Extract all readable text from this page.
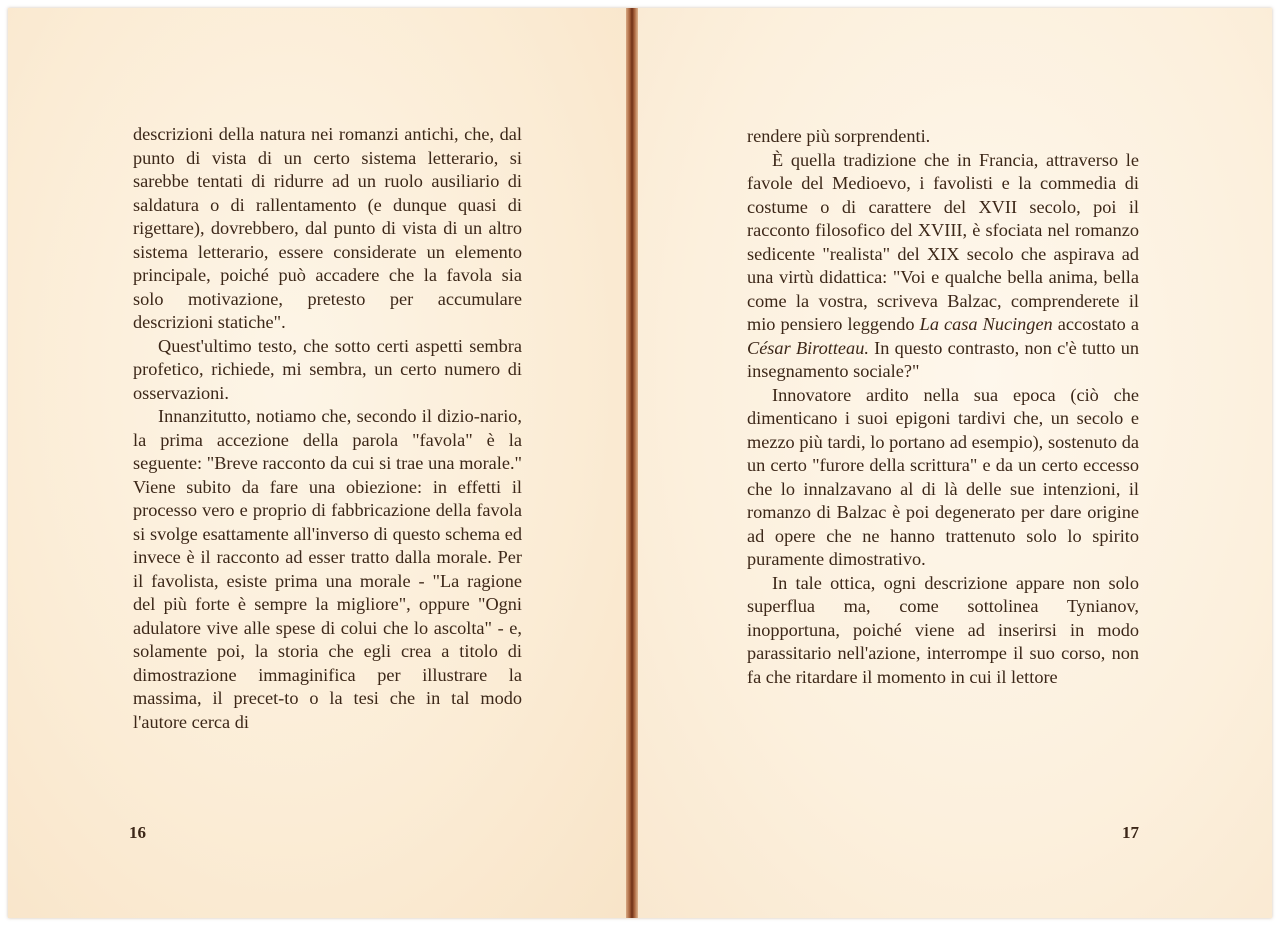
descrizioni della natura nei romanzi antichi, che, dal punto di vista di un certo sistema letterario, si sarebbe tentati di ridurre ad un ruolo ausiliario di saldatura o di rallentamento (e dunque quasi di rigettare), dovrebbero, dal punto di vista di un altro sistema letterario, essere considerate un elemento principale, poiché può accadere che la favola sia solo motivazione, pretesto per accumulare descrizioni statiche".

Quest'ultimo testo, che sotto certi aspetti sembra profetico, richiede, mi sembra, un certo numero di osservazioni.

Innanzitutto, notiamo che, secondo il dizio-nario, la prima accezione della parola "favola" è la seguente: "Breve racconto da cui si trae una morale." Viene subito da fare una obiezione: in effetti il processo vero e proprio di fabbricazione della favola si svolge esattamente all'inverso di questo schema ed invece è il racconto ad esser tratto dalla morale. Per il favolista, esiste prima una morale - "La ragione del più forte è sempre la migliore", oppure "Ogni adulatore vive alle spese di colui che lo ascolta" - e, solamente poi, la storia che egli crea a titolo di dimostrazione immaginifica per illustrare la massima, il precet-to o la tesi che in tal modo l'autore cerca di

16

rendere più sorprendenti.

È quella tradizione che in Francia, attraverso le favole del Medioevo, i favolisti e la commedia di costume o di carattere del XVII secolo, poi il racconto filosofico del XVIII, è sfociata nel romanzo sedicente "realista" del XIX secolo che aspirava ad una virtù didattica: "Voi e qualche bella anima, bella come la vostra, scriveva Balzac, comprenderete il mio pensiero leggendo La casa Nucingen accostato a César Birotteau. In questo contrasto, non c'è tutto un insegnamento sociale?"

Innovatore ardito nella sua epoca (ciò che dimenticano i suoi epigoni tardivi che, un secolo e mezzo più tardi, lo portano ad esempio), sostenuto da un certo "furore della scrittura" e da un certo eccesso che lo innalzavano al di là delle sue intenzioni, il romanzo di Balzac è poi degenerato per dare origine ad opere che ne hanno trattenuto solo lo spirito puramente dimostrativo.

In tale ottica, ogni descrizione appare non solo superflua ma, come sottolinea Tynianov, inopportuna, poiché viene ad inserirsi in modo parassitario nell'azione, interrompe il suo corso, non fa che ritardare il momento in cui il lettore

17
